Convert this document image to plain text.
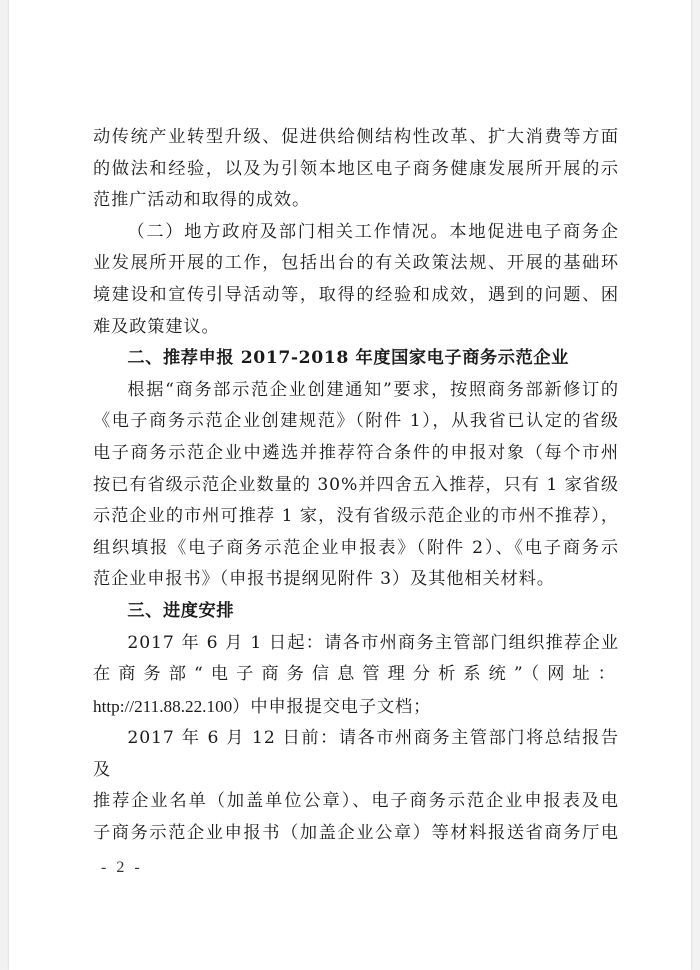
动传统产业转型升级、促进供给侧结构性改革、扩大消费等方面

的做法和经验，以及为引领本地区电子商务健康发展所开展的示

范推广活动和取得的成效。

（二）地方政府及部门相关工作情况。本地促进电子商务企

业发展所开展的工作，包括出台的有关政策法规、开展的基础环

境建设和宣传引导活动等，取得的经验和成效，遇到的问题、困

难及政策建议。

二、推荐申报 2017-2018 年度国家电子商务示范企业

根据“商务部示范企业创建通知”要求，按照商务部新修订的

《电子商务示范企业创建规范》（附件 1），从我省已认定的省级

电子商务示范企业中遴选并推荐符合条件的申报对象（每个市州

按已有省级示范企业数量的 30%并四舍五入推荐，只有 1 家省级

示范企业的市州可推荐 1 家，没有省级示范企业的市州不推荐），

组织填报《电子商务示范企业申报表》（附件 2）、《电子商务示

范企业申报书》（申报书提纲见附件 3）及其他相关材料。

三、进度安排

2017 年 6 月 1 日起：请各市州商务主管部门组织推荐企业

在商务部“电子商务信息管理分析系统”（网址：

http://211.88.22.100）中申报提交电子文档；

2017 年 6 月 12 日前：请各市州商务主管部门将总结报告及

推荐企业名单（加盖单位公章）、电子商务示范企业申报表及电

子商务示范企业申报书（加盖企业公章）等材料报送省商务厅电

- 2 -
